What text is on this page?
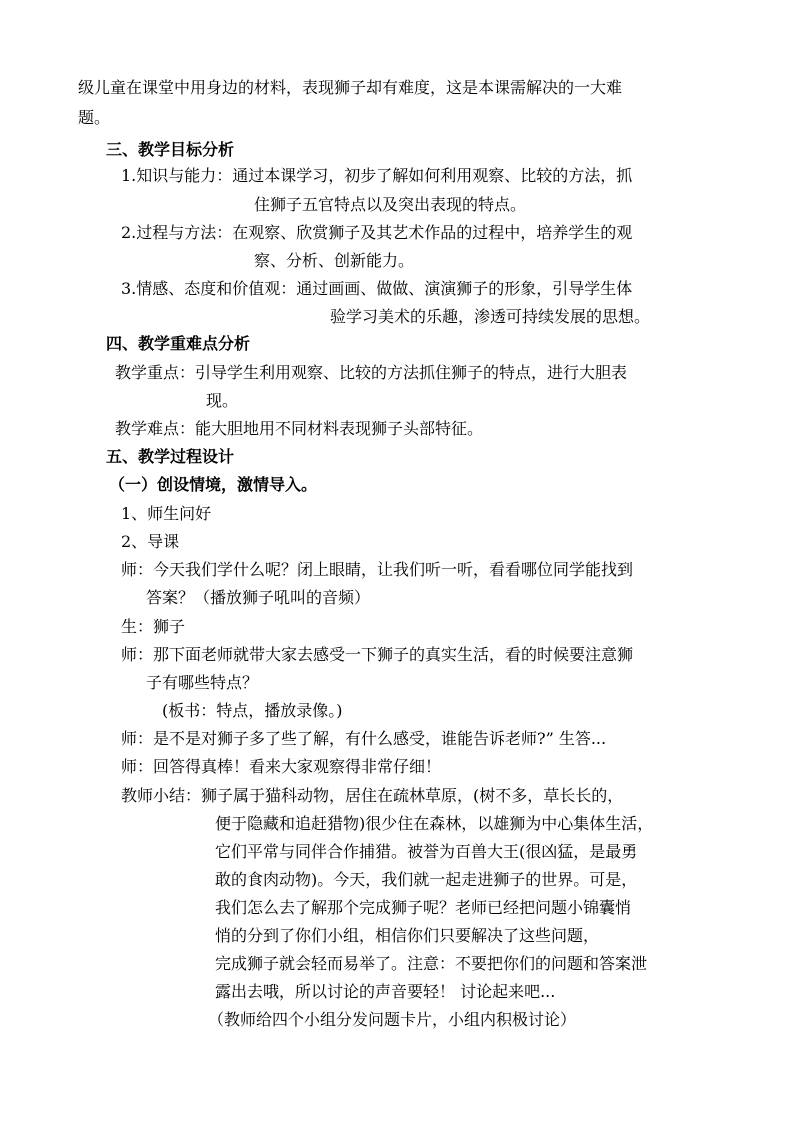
级儿童在课堂中用身边的材料，表现狮子却有难度，这是本课需解决的一大难
题。
三、教学目标分析
1.知识与能力：通过本课学习，初步了解如何利用观察、比较的方法，抓
住狮子五官特点以及突出表现的特点。
2.过程与方法：在观察、欣赏狮子及其艺术作品的过程中，培养学生的观
察、分析、创新能力。
3.情感、态度和价值观：通过画画、做做、演演狮子的形象，引导学生体
验学习美术的乐趣，渗透可持续发展的思想。
四、教学重难点分析
教学重点：引导学生利用观察、比较的方法抓住狮子的特点，进行大胆表
现。
教学难点：能大胆地用不同材料表现狮子头部特征。
五、教学过程设计
（一）创设情境，激情导入。
1、师生问好
2、导课
师：今天我们学什么呢？闭上眼睛，让我们听一听，看看哪位同学能找到
答案？（播放狮子吼叫的音频）
生：狮子
师：那下面老师就带大家去感受一下狮子的真实生活，看的时候要注意狮
子有哪些特点？
(板书：特点，播放录像。)
师：是不是对狮子多了些了解，有什么感受，谁能告诉老师?” 生答...
师：回答得真棒！看来大家观察得非常仔细！
教师小结：狮子属于猫科动物，居住在疏林草原，(树不多，草长长的，
便于隐藏和追赶猎物)很少住在森林，以雄狮为中心集体生活，
它们平常与同伴合作捕猎。被誉为百兽大王(很凶猛，是最勇
敢的食肉动物)。今天，我们就一起走进狮子的世界。可是，
我们怎么去了解那个完成狮子呢？老师已经把问题小锦囊悄
悄的分到了你们小组，相信你们只要解决了这些问题，
完成狮子就会轻而易举了。注意：不要把你们的问题和答案泄
露出去哦，所以讨论的声音要轻！ 讨论起来吧...
（教师给四个小组分发问题卡片，小组内积极讨论）
